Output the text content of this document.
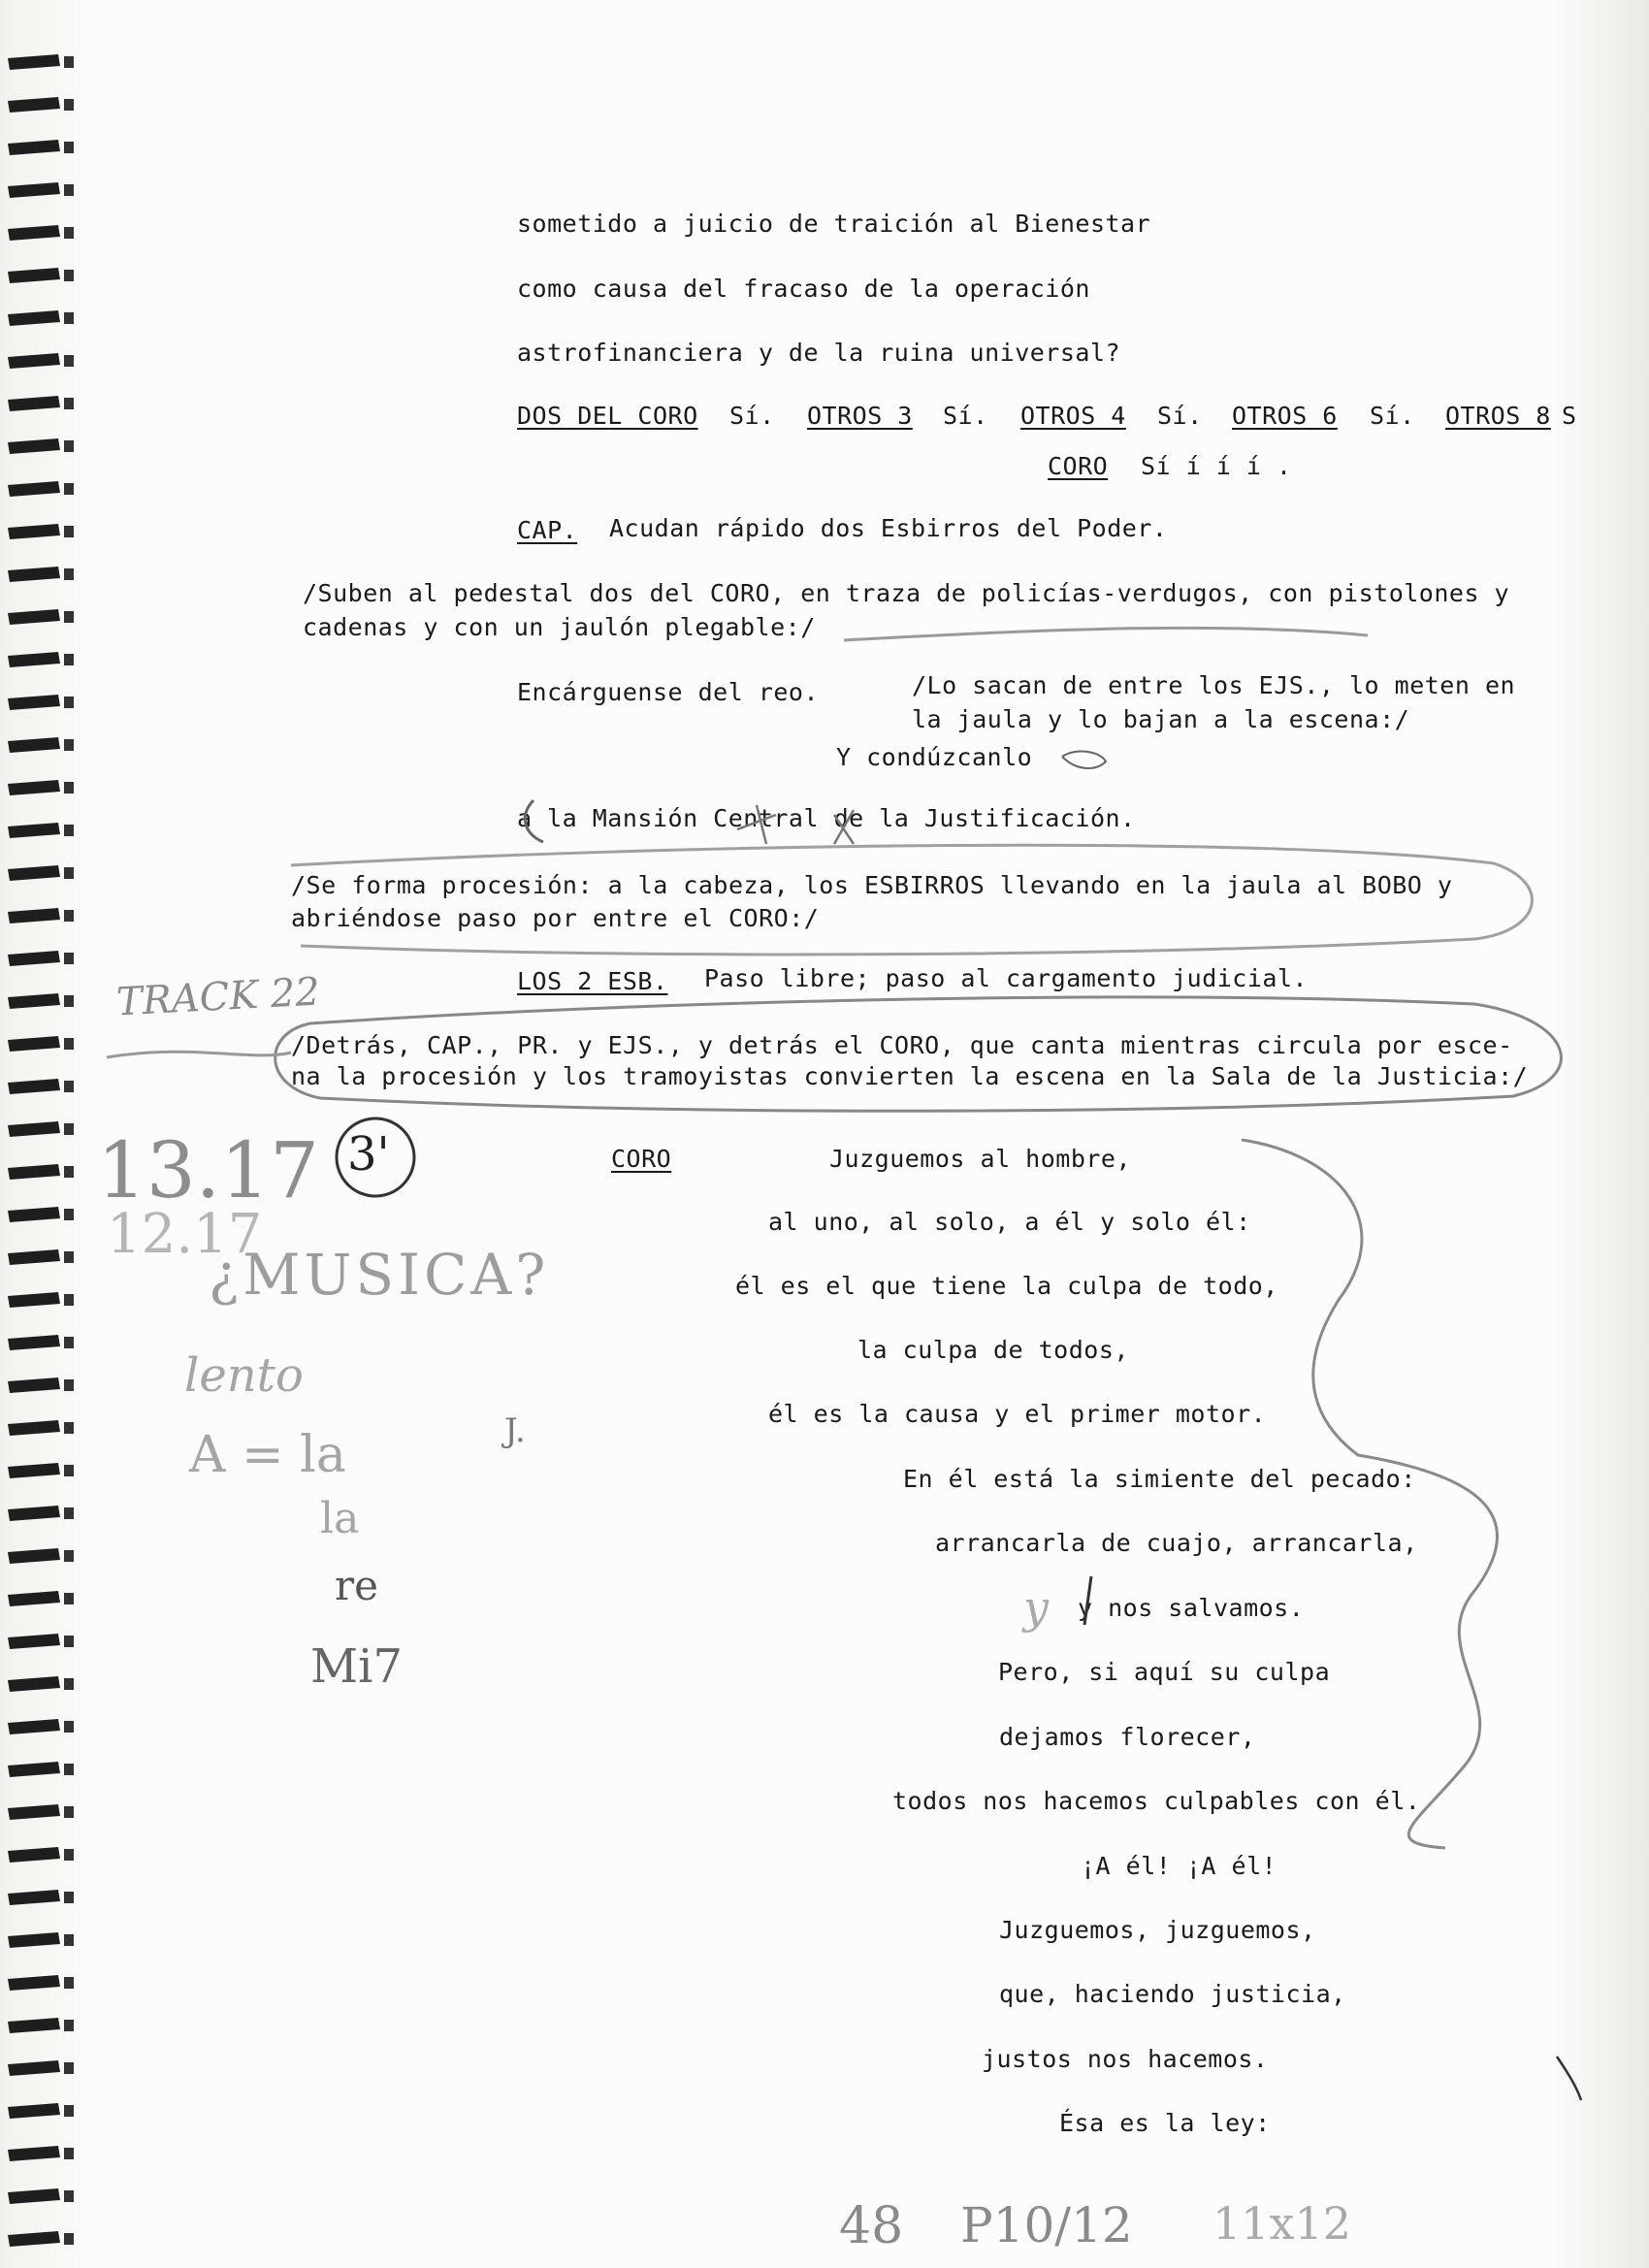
sometido a juicio de traición al Bienestar
como causa del fracaso de la operación
astrofinanciera y de la ruina universal?
DOS DEL CORO Sí. OTROS 3 Sí. OTROS 4 Sí. OTROS 6 Sí. OTROS 8 S
CORO Sí í í í .
CAP. Acudan rápido dos Esbirros del Poder.
/Suben al pedestal dos del CORO, en traza de policías-verdugos, con pistolones y
cadenas y con un jaulón plegable:/
Encárguense del reo.	/Lo sacan de entre los EJS., lo meten en
la jaula y lo bajan a la escena:/
Y condúzcanlo
a la Mansión Central de la Justificación.
/Se forma procesión: a la cabeza, los ESBIRROS llevando en la jaula al BOBO y
abriéndose paso por entre el CORO:/
LOS 2 ESB. Paso libre; paso al cargamento judicial.
/Detrás, CAP., PR. y EJS., y detrás el CORO, que canta mientras circula por esce-
na la procesión y los tramoyistas convierten la escena en la Sala de la Justicia:/
CORO	Juzguemos al hombre,
al uno, al solo, a él y solo él:
él es el que tiene la culpa de todo,
la culpa de todos,
él es la causa y el primer motor.
En él está la simiente del pecado:
arrancarla de cuajo, arrancarla,
y nos salvamos.
Pero, si aquí su culpa
dejamos florecer,
todos nos hacemos culpables con él.
¡A él! ¡A él!
Juzguemos, juzguemos,
que, haciendo justicia,
justos nos hacemos.
Ésa es la ley:
TRACK 22
13.17
12.17
3'
¿MUSICA?
lento
A = la
la
re
Mi7
J.
y
48 P10/12 11x12
